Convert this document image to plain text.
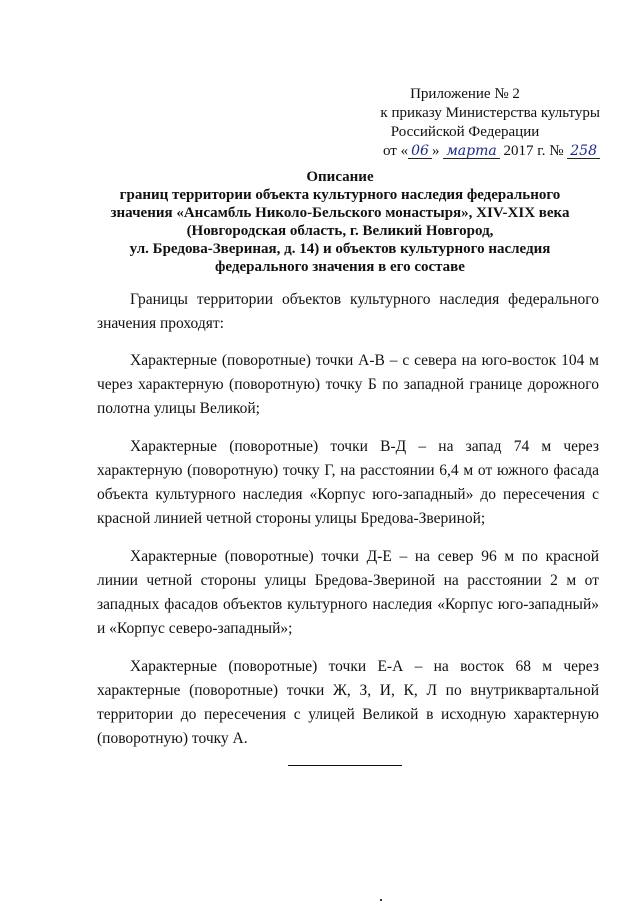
Приложение № 2
к приказу Министерства культуры
Российской Федерации
от « 06 » марта 2017 г. № 258
Описание
границ территории объекта культурного наследия федерального
значения «Ансамбль Николо-Бельского монастыря», XIV-XIX века
(Новгородская область, г. Великий Новгород,
ул. Бредова-Звериная, д. 14) и объектов культурного наследия
федерального значения в его составе

Границы территории объектов культурного наследия федерального значения проходят:

Характерные (поворотные) точки А-В – с севера на юго-восток 104 м через характерную (поворотную) точку Б по западной границе дорожного полотна улицы Великой;

Характерные (поворотные) точки В-Д – на запад 74 м через характерную (поворотную) точку Г, на расстоянии 6,4 м от южного фасада объекта культурного наследия «Корпус юго-западный» до пересечения с красной линией четной стороны улицы Бредова-Звериной;

Характерные (поворотные) точки Д-Е – на север 96 м по красной линии четной стороны улицы Бредова-Звериной на расстоянии 2 м от западных фасадов объектов культурного наследия «Корпус юго-западный» и «Корпус северо-западный»;

Характерные (поворотные) точки Е-А – на восток 68 м через характерные (поворотные) точки Ж, З, И, К, Л по внутриквартальной территории до пересечения с улицей Великой в исходную характерную (поворотную) точку А.
